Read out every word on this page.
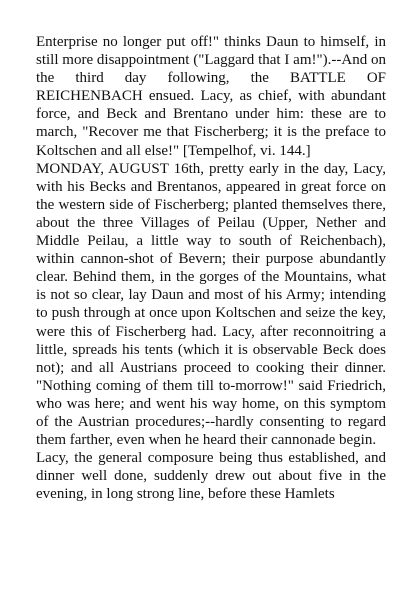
Enterprise no longer put off!" thinks Daun to himself, in still more disappointment ("Laggard that I am!").--And on the third day following, the BATTLE OF REICHENBACH ensued. Lacy, as chief, with abundant force, and Beck and Brentano under him: these are to march, "Recover me that Fischerberg; it is the preface to Koltschen and all else!" [Tempelhof, vi. 144.]

MONDAY, AUGUST 16th, pretty early in the day, Lacy, with his Becks and Brentanos, appeared in great force on the western side of Fischerberg; planted themselves there, about the three Villages of Peilau (Upper, Nether and Middle Peilau, a little way to south of Reichenbach), within cannon-shot of Bevern; their purpose abundantly clear. Behind them, in the gorges of the Mountains, what is not so clear, lay Daun and most of his Army; intending to push through at once upon Koltschen and seize the key, were this of Fischerberg had. Lacy, after reconnoitring a little, spreads his tents (which it is observable Beck does not); and all Austrians proceed to cooking their dinner. "Nothing coming of them till to-morrow!" said Friedrich, who was here; and went his way home, on this symptom of the Austrian procedures;--hardly consenting to regard them farther, even when he heard their cannonade begin.

Lacy, the general composure being thus established, and dinner well done, suddenly drew out about five in the evening, in long strong line, before these Hamlets
